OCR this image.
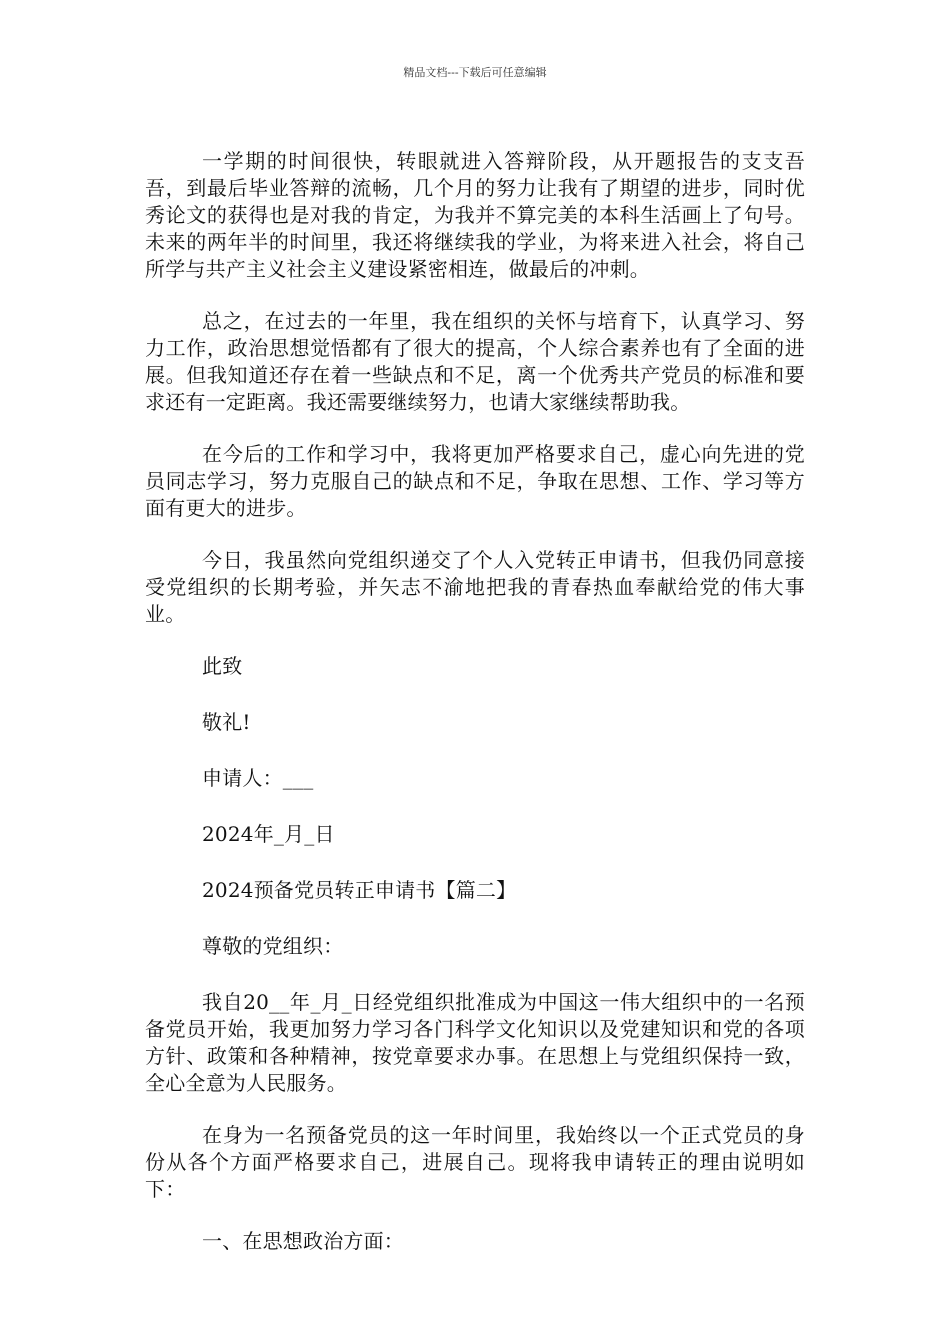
精品文档---下载后可任意编辑

一学期的时间很快，转眼就进入答辩阶段，从开题报告的支支吾吾，到最后毕业答辩的流畅，几个月的努力让我有了期望的进步，同时优秀论文的获得也是对我的肯定，为我并不算完美的本科生活画上了句号。未来的两年半的时间里，我还将继续我的学业，为将来进入社会，将自己所学与共产主义社会主义建设紧密相连，做最后的冲刺。

总之，在过去的一年里，我在组织的关怀与培育下，认真学习、努力工作，政治思想觉悟都有了很大的提高，个人综合素养也有了全面的进展。但我知道还存在着一些缺点和不足，离一个优秀共产党员的标准和要求还有一定距离。我还需要继续努力，也请大家继续帮助我。

在今后的工作和学习中，我将更加严格要求自己，虚心向先进的党员同志学习，努力克服自己的缺点和不足，争取在思想、工作、学习等方面有更大的进步。

今日，我虽然向党组织递交了个人入党转正申请书，但我仍同意接受党组织的长期考验，并矢志不渝地把我的青春热血奉献给党的伟大事业。

此致
敬礼!
申请人：___
2024年_月_日
2024预备党员转正申请书【篇二】
尊敬的党组织：

我自20__年_月_日经党组织批准成为中国这一伟大组织中的一名预备党员开始，我更加努力学习各门科学文化知识以及党建知识和党的各项方针、政策和各种精神，按党章要求办事。在思想上与党组织保持一致，全心全意为人民服务。

在身为一名预备党员的这一年时间里，我始终以一个正式党员的身份从各个方面严格要求自己，进展自己。现将我申请转正的理由说明如下：

一、在思想政治方面：
